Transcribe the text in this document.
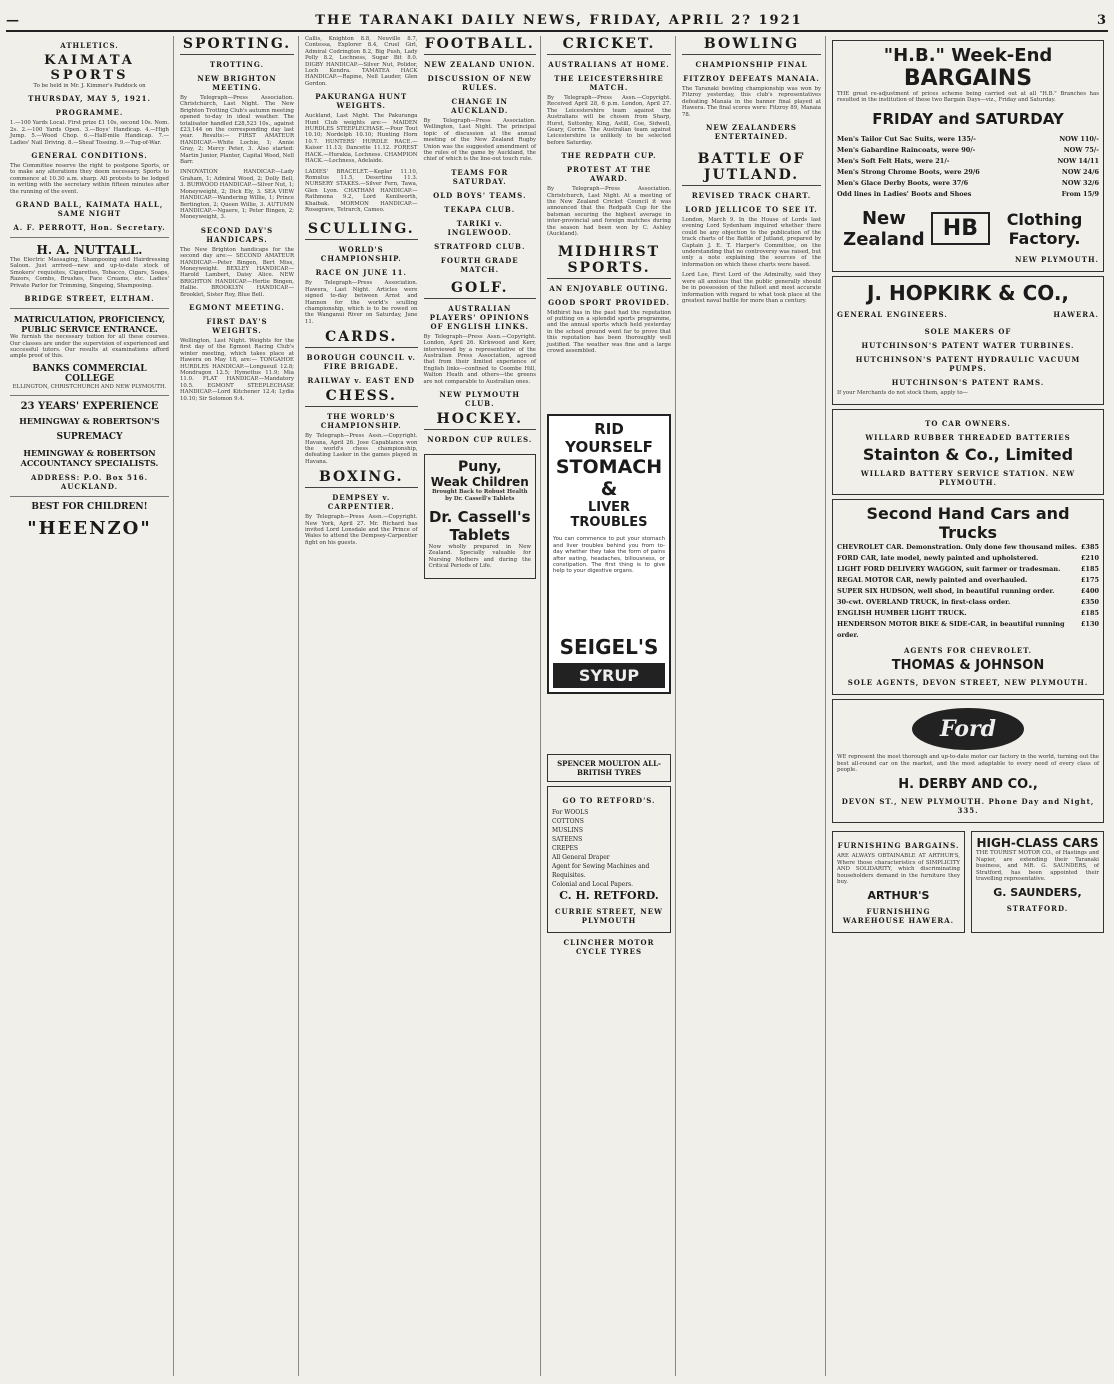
—	THE TARANAKI DAILY NEWS, FRIDAY, APRIL 2? 1921	3
ATHLETICS.
KAIMATA SPORTS

To be held in Mr. J. Kimmer's Paddock on

THURSDAY, MAY 5, 1921.
PROGRAMME.

1.—100 Yards Local. First prize £1 10s, second 10s. Nom. 2s. 2.—100 Yards Open. 3.—Boys' Handicap. 4.—High Jump. 5.—Wood Chop. 6.—Half-mile Handicap. 7.—Ladies' Nail Driving. 8.—Sheaf Tossing. 9.—Tug-of-War.

GENERAL CONDITIONS.

The Committee reserve the right to postpone Sports, or to make any alterations they deem necessary. Sports to commence at 10.30 a.m. sharp. All protests to be lodged in writing with the secretary within fifteen minutes after the running of the event.

GRAND BALL, KAIMATA HALL, SAME NIGHT
A. F. PERROTT, Hon. Secretary.
H. A. NUTTALL.

The Electric Massaging, Shampooing and Hairdressing Saloon. Just arrived—new and up-to-date stock of Smokers' requisites, Cigarettes, Tobacco, Cigars, Soaps, Razors, Combs, Brushes, Face Creams, etc. Ladies' Private Parlor for Trimming, Singeing, Shampooing.

BRIDGE STREET, ELTHAM.
MATRICULATION, PROFICIENCY, PUBLIC SERVICE ENTRANCE.

We furnish the necessary tuition for all these courses. Our classes are under the supervision of experienced and successful tutors. Our results at examinations afford ample proof of this.

BANKS COMMERCIAL COLLEGE

ELLINGTON, CHRISTCHURCH AND NEW PLYMOUTH.

23 YEARS' EXPERIENCE
HEMINGWAY & ROBERTSON'S
SUPREMACY
HEMINGWAY & ROBERTSON ACCOUNTANCY SPECIALISTS.
ADDRESS: P.O. Box 516. AUCKLAND.
BEST FOR CHILDREN!
"HEENZO"
SPORTING.
TROTTING.
NEW BRIGHTON MEETING.

By Telegraph—Press Association. Christchurch, Last Night. The New Brighton Trotting Club's autumn meeting opened to-day in ideal weather. The totalisator handled £28,523 10s., against £23,144 on the corresponding day last year. Results:— FIRST AMATEUR HANDICAP.—White Lochie, 1; Annie Gray, 2; Mercy Peter, 3. Also started: Martin Junior, Planter, Capital Wood, Nell Barr.

INNOVATION HANDICAP.—Lady Graham, 1; Admiral Wood, 2; Dolly Bell, 3. BURWOOD HANDICAP.—Silver Nut, 1; Moneyweight, 2; Dick Ely, 3. SEA VIEW HANDICAP.—Wandering Willie, 1; Prince Bertington, 2; Queen Willie, 3. AUTUMN HANDICAP.—Ngaere, 1; Peter Bingen, 2; Moneyweight, 3.

SECOND DAY'S HANDICAPS.

The New Brighton handicaps for the second day are:— SECOND AMATEUR HANDICAP.—Peter Bingen, Bert Miss, Moneyweight. BEXLEY HANDICAP.—Harold Lambert, Daisy Alice. NEW BRIGHTON HANDICAP.—Hertie Bingen, Hallie. BROOKLYN HANDICAP.—Brooklet, Sister Roy, Blue Bell.

EGMONT MEETING.
FIRST DAY'S WEIGHTS.

Wellington, Last Night. Weights for the first day of the Egmont Racing Club's winter meeting, which takes place at Hawera on May 18, are:— TONGAHOE HURDLES HANDICAP.—Longueuil 12.8; Mondragon 12.5; Hymettus 11.9; Mia 11.0. FLAT HANDICAP.—Mandatory 10.5. EGMONT STEEPLECHASE HANDICAP.—Lord Kitchener 12.4; Lydia 10.10; Sir Solomon 9.4.

Callis, Knighton 8.8, Neuville 8.7, Contessa, Explorer 8.4, Cruel Girl, Admiral Codrington 8.2, Big Push, Lady Polly 8.2, Lochness, Sugar Bit 8.0. DIGBY HANDICAP.—Silver Nut, Polidor, Loch Kendra. TAMATEA HACK HANDICAP.—Rapine, Nell Lauder, Glen Gordon.

PAKURANGA HUNT WEIGHTS.

Auckland, Last Night. The Pakuranga Hunt Club weights are:— MAIDEN HURDLES STEEPLECHASE.—Pour Tout 10.10; Nordelph 10.10; Hunting Horn 10.7. HUNTERS' HURDLE RACE.—Kaiser 11.13; Dancette 11.12. FOREST HACK.—Hurakia, Lochness. CHAMPION HACK.—Lochness, Adelaide.

LADIES' BRACELET.—Keplar 11.10, Romulus 11.5, Desertina 11.3. NURSERY STAKES.—Silver Fern, Tawa, Glen Lyon. CHATHAM HANDICAP.—Rathmona 9.2, Lord Kenilworth, Khaibak. MORMON HANDICAP.—Rosegrave, Tetrarch, Cameo.

SCULLING.
WORLD'S CHAMPIONSHIP.
RACE ON JUNE 11.

By Telegraph—Press Association. Hawera, Last Night. Articles were signed to-day between Arnst and Hannon for the world's sculling championship, which is to be rowed on the Wanganui River on Saturday, June 11.

CARDS.
BOROUGH COUNCIL v. FIRE BRIGADE.
RAILWAY v. EAST END
CHESS.
THE WORLD'S CHAMPIONSHIP.

By Telegraph—Press Assn.—Copyright. Havana, April 26. Jose Capablanca won the world's chess championship, defeating Lasker in the games played in Havana.

BOXING.
DEMPSEY v. CARPENTIER.

By Telegraph—Press Assn.—Copyright. New York, April 27. Mr. Richard has invited Lord Lonsdale and the Prince of Wales to attend the Dempsey-Carpentier fight on his guests.

FOOTBALL.
NEW ZEALAND UNION.
DISCUSSION OF NEW RULES.
CHANGE IN AUCKLAND.

By Telegraph—Press Association. Wellington, Last Night. The principal topic of discussion at the annual meeting of the New Zealand Rugby Union was the suggested amendment of the rules of the game by Auckland, the chief of which is the line-out touch rule.

TEAMS FOR SATURDAY.
OLD BOYS' TEAMS.
TEKAPA CLUB.
TARIKI v. INGLEWOOD.
STRATFORD CLUB.
FOURTH GRADE MATCH.
GOLF.
AUSTRALIAN PLAYERS' OPINIONS OF ENGLISH LINKS.

By Telegraph—Press Assn.—Copyright. London, April 26. Kirkwood and Kerr, interviewed by a representative of the Australian Press Association, agreed that from their limited experience of English links—confined to Coombe Hill, Walton Heath and others—the greens are not comparable to Australian ones.

NEW PLYMOUTH CLUB.
HOCKEY.
NORDON CUP RULES.
Puny,
Weak Children
Brought Back to Robust Health by Dr. Cassell's Tablets
Dr. Cassell's
Tablets

Now wholly prepared in New Zealand. Specially valuable for Nursing Mothers and during the Critical Periods of Life.

CRICKET.
AUSTRALIANS AT HOME.
THE LEICESTERSHIRE MATCH.

By Telegraph—Press Assn.—Copyright. Received April 28, 6 p.m. London, April 27. The Leicestershire team against the Australians will be chosen from Sharp, Hurst, Suttonby, King, Astill, Coe, Sidwell, Geary, Corrie. The Australian team against Leicestershire is unlikely to be selected before Saturday.

THE REDPATH CUP.
PROTEST AT THE AWARD.

By Telegraph—Press Association. Christchurch, Last Night. At a meeting of the New Zealand Cricket Council it was announced that the Redpath Cup for the batsman securing the highest average in inter-provincial and foreign matches during the season had been won by C. Ashley (Auckland).

MIDHIRST SPORTS.
AN ENJOYABLE OUTING.
GOOD SPORT PROVIDED.

Midhirst has in the past had the reputation of putting on a splendid sports programme, and the annual sports which held yesterday in the school ground went far to prove that this reputation has been thoroughly well justified. The weather was fine and a large crowd assembled.

RID YOURSELF
STOMACH &
LIVER TROUBLES

You can commence to put your stomach and liver troubles behind you from to-day whether they take the form of pains after eating, headaches, biliousness, or constipation. The first thing is to give help to your digestive organs.

SEIGEL'S
SYRUP
SPENCER MOULTON ALL-BRITISH TYRES
GO TO RETFORD'S.
For WOOLS
COTTONS
MUSLINS
SATEENS
CREPES
All General Draper
Agent for Sewing Machines and Requisites.
Colonial and Local Papers.
C. H. RETFORD.
CURRIE STREET, NEW PLYMOUTH
CLINCHER MOTOR CYCLE TYRES
BOWLING
CHAMPIONSHIP FINAL
FITZROY DEFEATS MANAIA.

The Taranaki bowling championship was won by Fitzroy yesterday, this club's representatives defeating Manaia in the banner final played at Hawera. The final scores were: Fitzroy 89, Manaia 78.

NEW ZEALANDERS ENTERTAINED.
BATTLE OF JUTLAND.
REVISED TRACK CHART.
LORD JELLICOE TO SEE IT.

London, March 9. In the House of Lords last evening Lord Sydenham inquired whether there could be any objection to the publication of the track charts of the Battle of Jutland, prepared by Captain J. E. T. Harper's Committee, on the understanding that no controversy was raised, but only a note explaining the sources of the information on which these charts were based.

Lord Lee, First Lord of the Admiralty, said they were all anxious that the public generally should be in possession of the fullest and most accurate information with regard to what took place at the greatest naval battle for more than a century.

"H.B." Week-End
BARGAINS

THE great re-adjustment of prices scheme being carried out at all "H.B." Branches has resulted in the institution of these two Bargain Days—viz., Friday and Saturday.

FRIDAY and SATURDAY
Men's Tailor Cut Sac Suits, were 135/-	NOW 110/-
Men's Gabardine Raincoats, were 90/-	NOW 75/-
Men's Soft Felt Hats, were 21/-	NOW 14/11
Men's Strong Chrome Boots, were 29/6	NOW 24/6
Men's Glace Derby Boots, were 37/6	NOW 32/6
Odd lines in Ladies' Boots and Shoes	From 15/9
New Zealand HB	Clothing Factory.
NEW PLYMOUTH.
J. HOPKIRK & CO.,
GENERAL ENGINEERS.	HAWERA.
SOLE MAKERS OF
HUTCHINSON'S PATENT WATER TURBINES.
HUTCHINSON'S PATENT HYDRAULIC VACUUM PUMPS.
HUTCHINSON'S PATENT RAMS.
If your Merchants do not stock them, apply to—
TO CAR OWNERS.
WILLARD RUBBER THREADED BATTERIES
Stainton & Co., Limited
WILLARD BATTERY SERVICE STATION. NEW PLYMOUTH.
Second Hand Cars and Trucks
CHEVROLET CAR. Demonstration. Only done few thousand miles. £385
FORD CAR, late model, newly painted and upholstered.	£210
LIGHT FORD DELIVERY WAGGON, suit farmer or tradesman.	£185
REGAL MOTOR CAR, newly painted and overhauled.	£175
SUPER SIX HUDSON, well shod, in beautiful running order.	£400
30-cwt. OVERLAND TRUCK, in first-class order.	£350
ENGLISH HUMBER LIGHT TRUCK.	£185
HENDERSON MOTOR BIKE & SIDE-CAR, in beautiful running order.
£130
AGENTS FOR CHEVROLET.
THOMAS & JOHNSON
SOLE AGENTS, DEVON STREET, NEW PLYMOUTH.
Ford

WE represent the most thorough and up-to-date motor car factory in the world, turning out the best all-round car on the market, and the most adaptable to every need of every class of people.

H. DERBY AND CO.,
DEVON ST., NEW PLYMOUTH. Phone Day and Night, 335.
FURNISHING BARGAINS.

ARE ALWAYS OBTAINABLE AT ARTHUR'S, Where those characteristics of SIMPLICITY AND SOLIDARITY, which discriminating householders demand in the furniture they buy.

ARTHUR'S
FURNISHING WAREHOUSE HAWERA.
HIGH-CLASS CARS

THE TOURIST MOTOR CO., of Hastings and Napier, are extending their Taranaki business, and MR. G. SAUNDERS, of Stratford, has been appointed their travelling representative.

G. SAUNDERS,
STRATFORD.
